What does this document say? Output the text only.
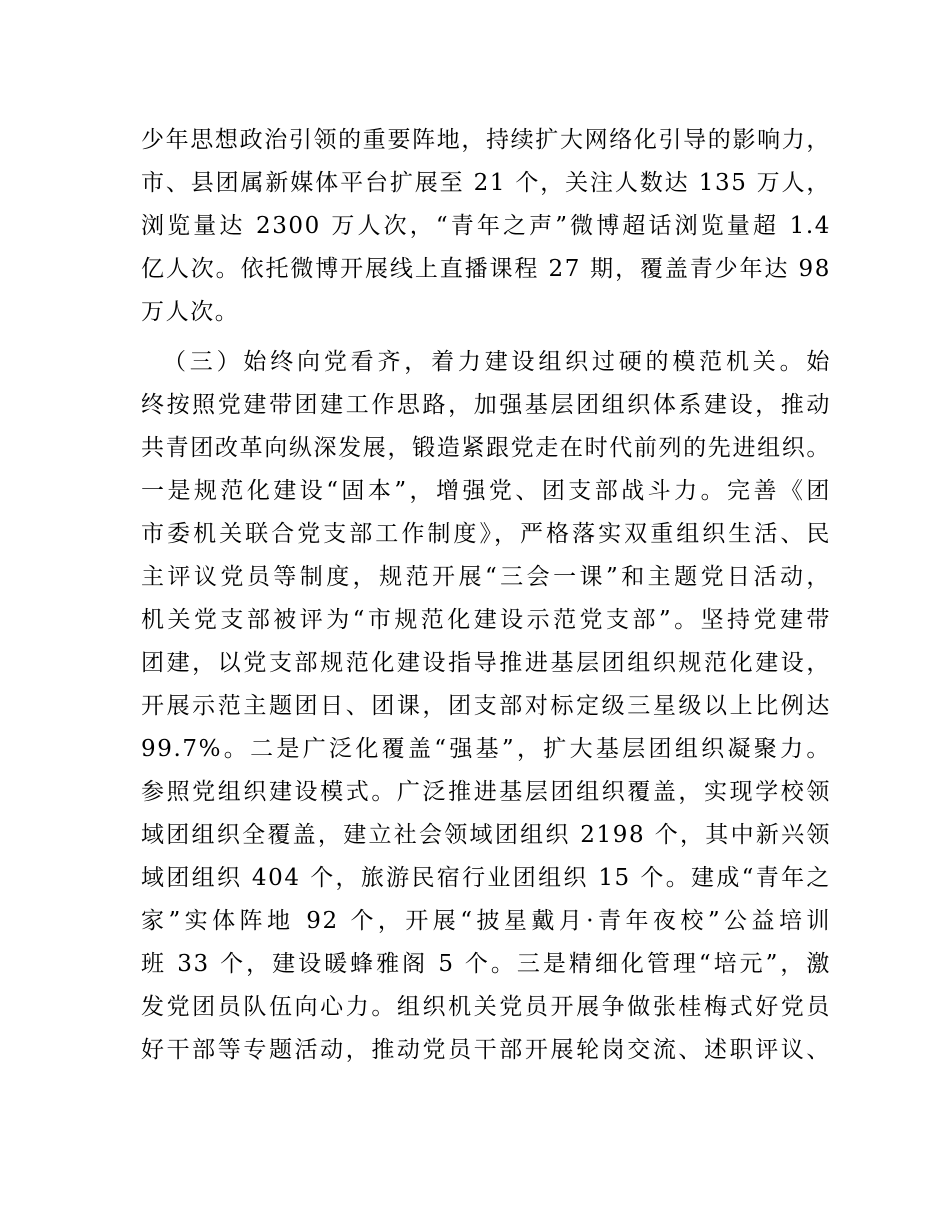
少年思想政治引领的重要阵地，持续扩大网络化引导的影响力，
市、县团属新媒体平台扩展至 21 个，关注人数达 135 万人，
浏览量达 2300 万人次，“青年之声”微博超话浏览量超 1.4
亿人次。依托微博开展线上直播课程 27 期，覆盖青少年达 98
万人次。
（三）始终向党看齐，着力建设组织过硬的模范机关。始
终按照党建带团建工作思路，加强基层团组织体系建设，推动
共青团改革向纵深发展，锻造紧跟党走在时代前列的先进组织。
一是规范化建设“固本”，增强党、团支部战斗力。完善《团
市委机关联合党支部工作制度》，严格落实双重组织生活、民
主评议党员等制度，规范开展“三会一课”和主题党日活动，
机关党支部被评为“市规范化建设示范党支部”。坚持党建带
团建，以党支部规范化建设指导推进基层团组织规范化建设，
开展示范主题团日、团课，团支部对标定级三星级以上比例达
99.7%。二是广泛化覆盖“强基”，扩大基层团组织凝聚力。
参照党组织建设模式。广泛推进基层团组织覆盖，实现学校领
域团组织全覆盖，建立社会领域团组织 2198 个，其中新兴领
域团组织 404 个，旅游民宿行业团组织 15 个。建成“青年之
家”实体阵地 92 个，开展“披星戴月·青年夜校”公益培训
班 33 个，建设暖蜂雅阁 5 个。三是精细化管理“培元”，激
发党团员队伍向心力。组织机关党员开展争做张桂梅式好党员
好干部等专题活动，推动党员干部开展轮岗交流、述职评议、
